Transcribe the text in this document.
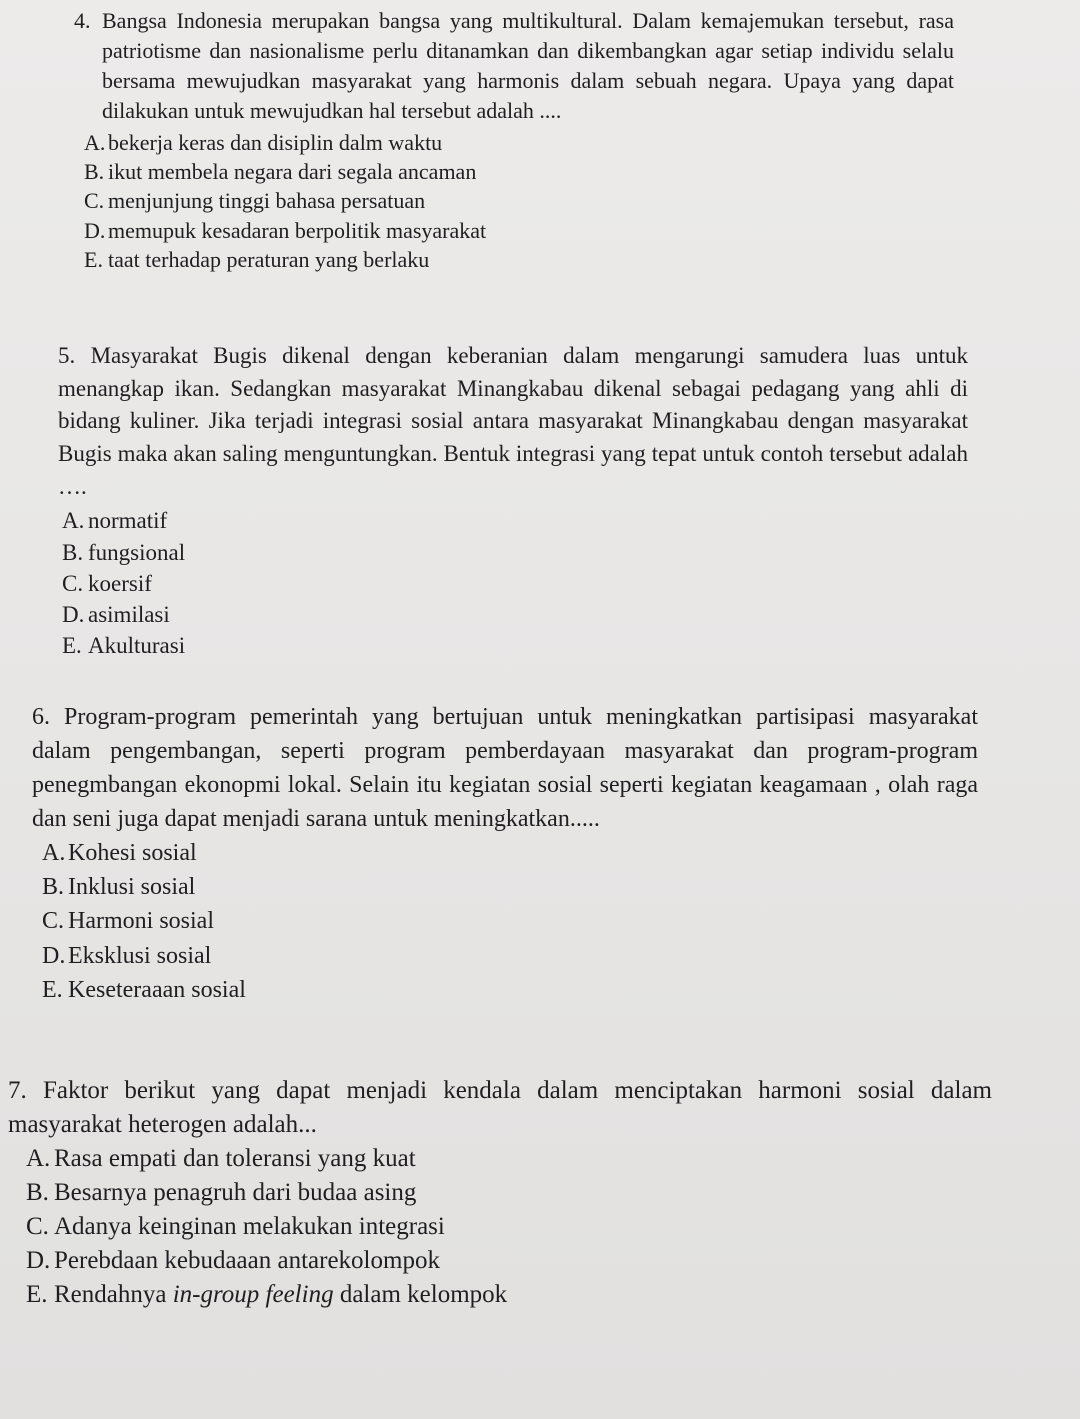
4. Bangsa Indonesia merupakan bangsa yang multikultural. Dalam kemajemukan tersebut, rasa patriotisme dan nasionalisme perlu ditanamkan dan dikembangkan agar setiap individu selalu bersama mewujudkan masyarakat yang harmonis dalam sebuah negara. Upaya yang dapat dilakukan untuk mewujudkan hal tersebut adalah ....

A. bekerja keras dan disiplin dalm waktu
B. ikut membela negara dari segala ancaman
C. menjunjung tinggi bahasa persatuan
D. memupuk kesadaran berpolitik masyarakat
E. taat terhadap peraturan yang berlaku

5. Masyarakat Bugis dikenal dengan keberanian dalam mengarungi samudera luas untuk menangkap ikan. Sedangkan masyarakat Minangkabau dikenal sebagai pedagang yang ahli di bidang kuliner. Jika terjadi integrasi sosial antara masyarakat Minangkabau dengan masyarakat Bugis maka akan saling menguntungkan. Bentuk integrasi yang tepat untuk contoh tersebut adalah ….

A. normatif
B. fungsional
C. koersif
D. asimilasi
E. Akulturasi

6. Program-program pemerintah yang bertujuan untuk meningkatkan partisipasi masyarakat dalam pengembangan, seperti program pemberdayaan masyarakat dan program-program penegmbangan ekonopmi lokal. Selain itu kegiatan sosial seperti kegiatan keagamaan , olah raga dan seni juga dapat menjadi sarana untuk meningkatkan.....

A. Kohesi sosial
B. Inklusi sosial
C. Harmoni sosial
D. Eksklusi sosial
E. Keseteraaan sosial

7. Faktor berikut yang dapat menjadi kendala dalam menciptakan harmoni sosial dalam masyarakat heterogen adalah...

A. Rasa empati dan toleransi yang kuat
B. Besarnya penagruh dari budaa asing
C. Adanya keinginan melakukan integrasi
D. Perebdaan kebudaaan antarekolompok
E. Rendahnya in-group feeling dalam kelompok
